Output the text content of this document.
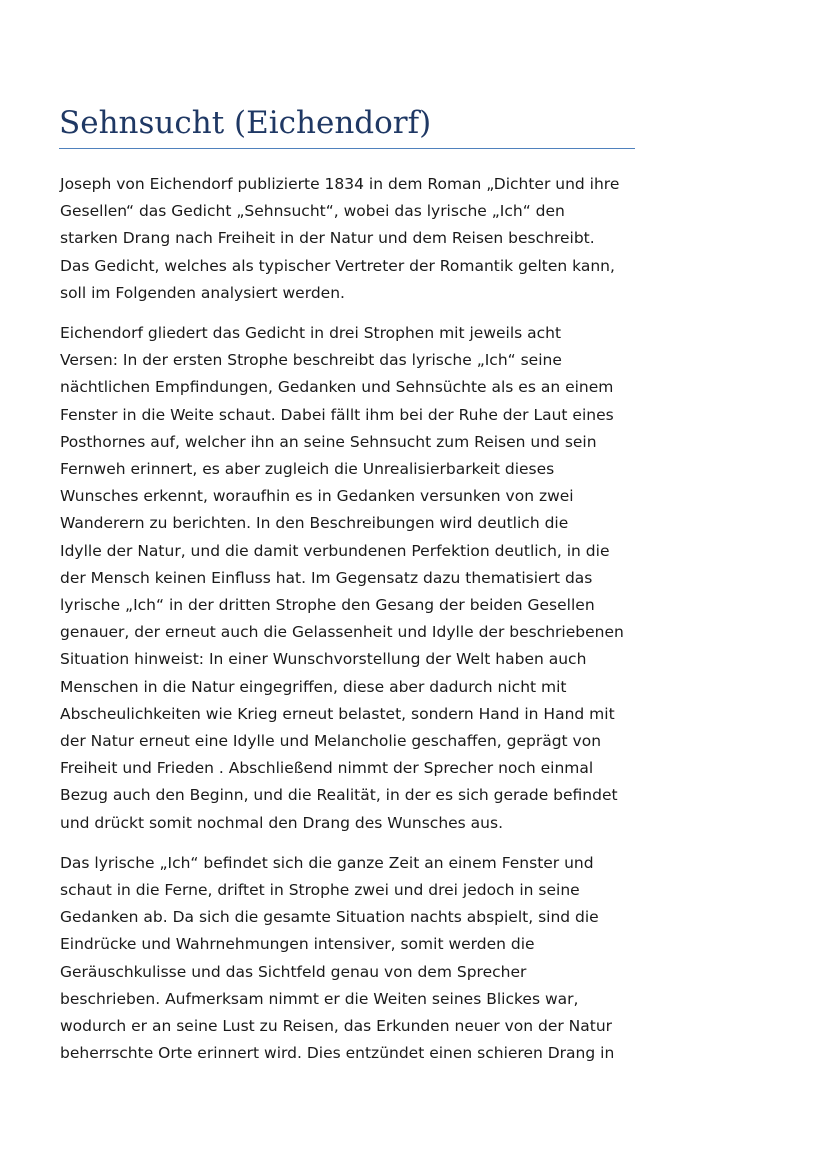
Sehnsucht (Eichendorf)

Joseph von Eichendorf publizierte 1834 in dem Roman „Dichter und ihre
Gesellen“ das Gedicht „Sehnsucht“, wobei das lyrische „Ich“ den
starken Drang nach Freiheit in der Natur und dem Reisen beschreibt.
Das Gedicht, welches als typischer Vertreter der Romantik gelten kann,
soll im Folgenden analysiert werden.

Eichendorf gliedert das Gedicht in drei Strophen mit jeweils acht
Versen: In der ersten Strophe beschreibt das lyrische „Ich“ seine
nächtlichen Empfindungen, Gedanken und Sehnsüchte als es an einem
Fenster in die Weite schaut. Dabei fällt ihm bei der Ruhe der Laut eines
Posthornes auf, welcher ihn an seine Sehnsucht zum Reisen und sein
Fernweh erinnert, es aber zugleich die Unrealisierbarkeit dieses
Wunsches erkennt, woraufhin es in Gedanken versunken von zwei
Wanderern zu berichten. In den Beschreibungen wird deutlich die
Idylle der Natur, und die damit verbundenen Perfektion deutlich, in die
der Mensch keinen Einfluss hat. Im Gegensatz dazu thematisiert das
lyrische „Ich“ in der dritten Strophe den Gesang der beiden Gesellen
genauer, der erneut auch die Gelassenheit und Idylle der beschriebenen
Situation hinweist: In einer Wunschvorstellung der Welt haben auch
Menschen in die Natur eingegriffen, diese aber dadurch nicht mit
Abscheulichkeiten wie Krieg erneut belastet, sondern Hand in Hand mit
der Natur erneut eine Idylle und Melancholie geschaffen, geprägt von
Freiheit und Frieden . Abschließend nimmt der Sprecher noch einmal
Bezug auch den Beginn, und die Realität, in der es sich gerade befindet
und drückt somit nochmal den Drang des Wunsches aus.

Das lyrische „Ich“ befindet sich die ganze Zeit an einem Fenster und
schaut in die Ferne, driftet in Strophe zwei und drei jedoch in seine
Gedanken ab. Da sich die gesamte Situation nachts abspielt, sind die
Eindrücke und Wahrnehmungen intensiver, somit werden die
Geräuschkulisse und das Sichtfeld genau von dem Sprecher
beschrieben. Aufmerksam nimmt er die Weiten seines Blickes war,
wodurch er an seine Lust zu Reisen, das Erkunden neuer von der Natur
beherrschte Orte erinnert wird. Dies entzündet einen schieren Drang in
